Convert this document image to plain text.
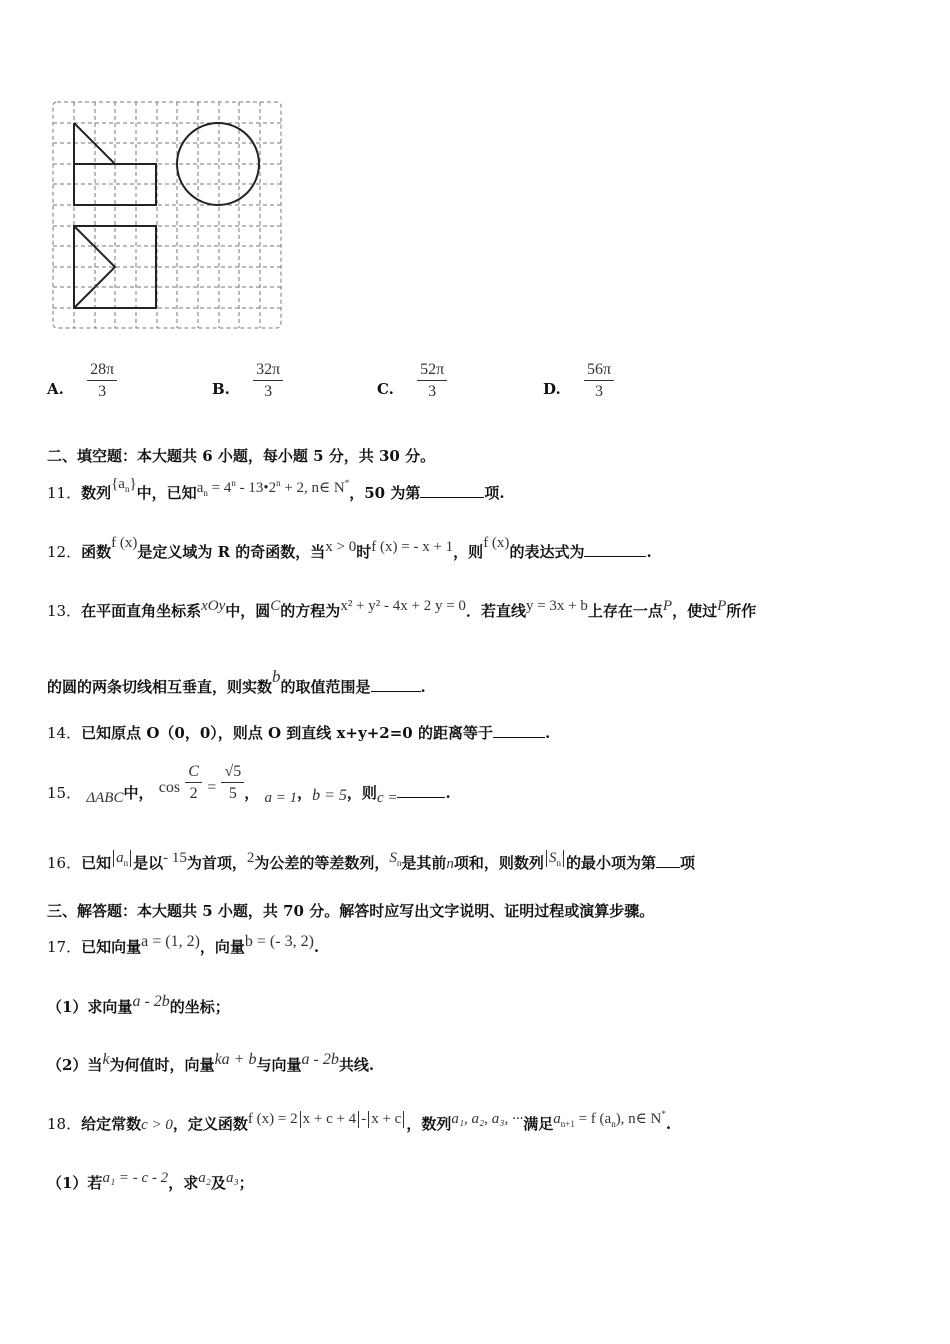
A. $\frac{28\pi}{3}$	B. $\frac{32\pi}{3}$	C. $\frac{52\pi}{3}$	D. $\frac{56\pi}{3}$
二、填空题：本大题共 6 小题，每小题 5 分，共 30 分。
11．数列$\{a_n\}$中，已知$a_n = 4^n$ - $13•2^n + 2$, n∈ N*，50 为第	项.
12．函数f (x)是定义域为 R 的奇函数，当x > 0时f (x) = - x + 1，则f (x)的表达式为	.
13．在平面直角坐标系xOy中，圆C的方程为x² + y² - 4x + 2 y = 0．若直线y = 3x + b上存在一点P，使过P所作
的圆的两条切线相互垂直，则实数b的取值范围是	.
14．已知原点 O（0，0），则点 O 到直线 x+y+2=0 的距离等于	.
15． ΔABC中， $\cos \frac{C}{2} = \frac{√5}{5}$ ， a = 1，b = 5，则c =	.
16．已知 $a_n$ 是以- 15为首项，2为公差的等差数列，$S_n$是其前n项和，则数列 $S_n$ 的最小项为第 项
三、解答题：本大题共 5 小题，共 70 分。解答时应写出文字说明、证明过程或演算步骤。
17．已知向量a = (1, 2)，向量b = (- 3, 2).
（1）求向量a - 2b的坐标；
（2）当k为何值时，向量ka + b与向量a - 2b共线.
18．给定常数c > 0，定义函数f (x) = 2 x + c + 4 - x + c ，数列a₁, a₂, a₃, ···满足$a_{n+1} = f$ $(a_n)$, n∈ N*.
（1）若a₁ = - c - 2，求a₂及a₃；
